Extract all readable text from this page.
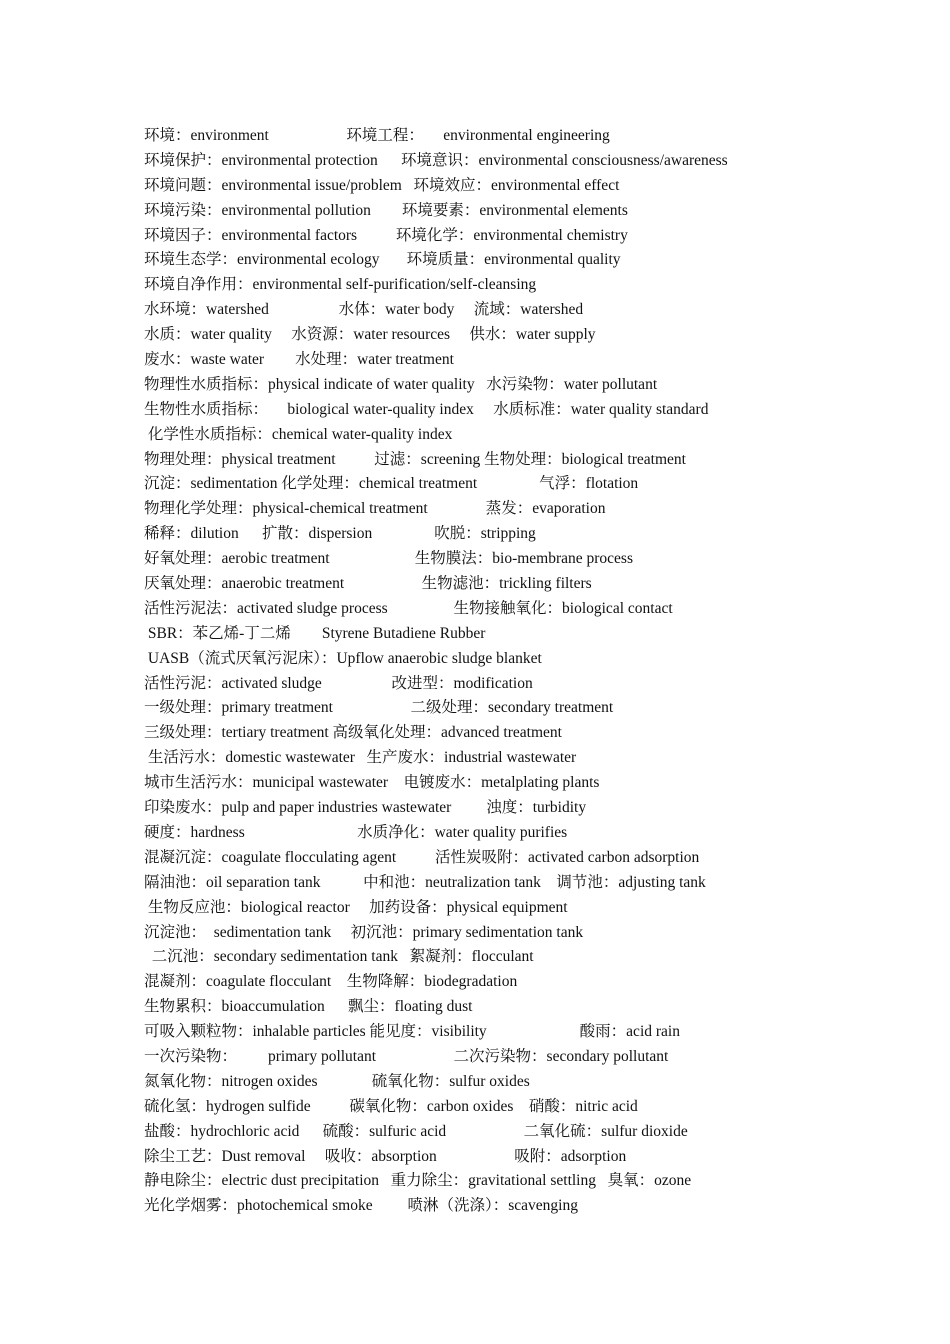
环境：environment                    环境工程：     environmental engineering
环境保护：environmental protection      环境意识：environmental consciousness/awareness
环境问题：environmental issue/problem   环境效应：environmental effect
环境污染：environmental pollution        环境要素：environmental elements
环境因子：environmental factors          环境化学：environmental chemistry
环境生态学：environmental ecology       环境质量：environmental quality
环境自净作用：environmental self-purification/self-cleansing
水环境：watershed                  水体：water body     流域：watershed
水质：water quality     水资源：water resources     供水：water supply
废水：waste water        水处理：water treatment
物理性水质指标：physical indicate of water quality   水污染物：water pollutant
生物性水质指标：     biological water-quality index     水质标准：water quality standard
化学性水质指标：chemical water-quality index
物理处理：physical treatment          过滤：screening 生物处理：biological treatment
沉淀：sedimentation 化学处理：chemical treatment                气浮：flotation
物理化学处理：physical-chemical treatment               蒸发：evaporation
稀释：dilution      扩散：dispersion                吹脱：stripping
好氧处理：aerobic treatment                      生物膜法：bio-membrane process
厌氧处理：anaerobic treatment                    生物滤池：trickling filters
活性污泥法：activated sludge process                 生物接触氧化：biological contact
SBR：苯乙烯-丁二烯        Styrene Butadiene Rubber
UASB（流式厌氧污泥床）：Upflow anaerobic sludge blanket
活性污泥：activated sludge                  改进型：modification
一级处理：primary treatment                    二级处理：secondary treatment
三级处理：tertiary treatment 高级氧化处理：advanced treatment
生活污水：domestic wastewater   生产废水：industrial wastewater
城市生活污水：municipal wastewater    电镀废水：metalplating plants
印染废水：pulp and paper industries wastewater         浊度：turbidity
硬度：hardness                             水质净化：water quality purifies
混凝沉淀：coagulate flocculating agent          活性炭吸附：activated carbon adsorption
隔油池：oil separation tank           中和池：neutralization tank    调节池：adjusting tank
生物反应池：biological reactor     加药设备：physical equipment
沉淀池：  sedimentation tank     初沉池：primary sedimentation tank
二沉池：secondary sedimentation tank   絮凝剂：flocculant
混凝剂：coagulate flocculant    生物降解：biodegradation
生物累积：bioaccumulation      飘尘：floating dust
可吸入颗粒物：inhalable particles 能见度：visibility                        酸雨：acid rain
一次污染物：        primary pollutant                    二次污染物：secondary pollutant
氮氧化物：nitrogen oxides              硫氧化物：sulfur oxides
硫化氢：hydrogen sulfide          碳氧化物：carbon oxides    硝酸：nitric acid
盐酸：hydrochloric acid      硫酸：sulfuric acid                    二氧化硫：sulfur dioxide
除尘工艺：Dust removal     吸收：absorption                    吸附：adsorption
静电除尘：electric dust precipitation   重力除尘：gravitational settling   臭氧：ozone
光化学烟雾：photochemical smoke         喷淋（洗涤）：scavenging
